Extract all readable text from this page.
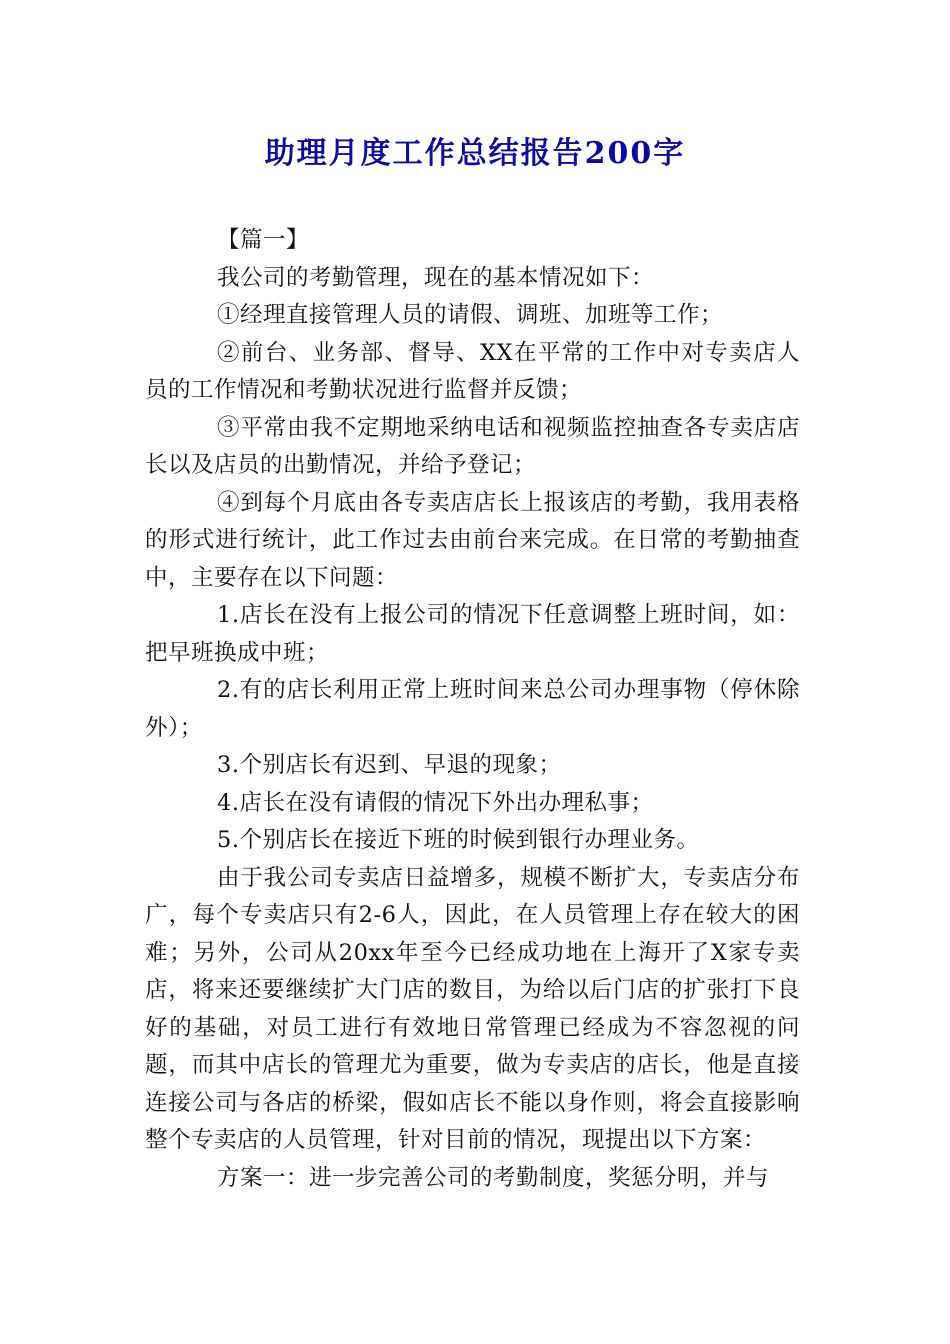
助理月度工作总结报告200字

【篇一】

我公司的考勤管理，现在的基本情况如下：

①经理直接管理人员的请假、调班、加班等工作；

②前台、业务部、督导、XX在平常的工作中对专卖店人员的工作情况和考勤状况进行监督并反馈；

③平常由我不定期地采纳电话和视频监控抽查各专卖店店长以及店员的出勤情况，并给予登记；

④到每个月底由各专卖店店长上报该店的考勤，我用表格的形式进行统计，此工作过去由前台来完成。在日常的考勤抽查中，主要存在以下问题：

1.店长在没有上报公司的情况下任意调整上班时间，如：把早班换成中班；

2.有的店长利用正常上班时间来总公司办理事物（停休除外）；

3.个别店长有迟到、早退的现象；

4.店长在没有请假的情况下外出办理私事；

5.个别店长在接近下班的时候到银行办理业务。

由于我公司专卖店日益增多，规模不断扩大，专卖店分布广，每个专卖店只有2-6人，因此，在人员管理上存在较大的困难；另外，公司从20xx年至今已经成功地在上海开了X家专卖店，将来还要继续扩大门店的数目，为给以后门店的扩张打下良好的基础，对员工进行有效地日常管理已经成为不容忽视的问题，而其中店长的管理尤为重要，做为专卖店的店长，他是直接连接公司与各店的桥梁，假如店长不能以身作则，将会直接影响整个专卖店的人员管理，针对目前的情况，现提出以下方案：

方案一：进一步完善公司的考勤制度，奖惩分明，并与
